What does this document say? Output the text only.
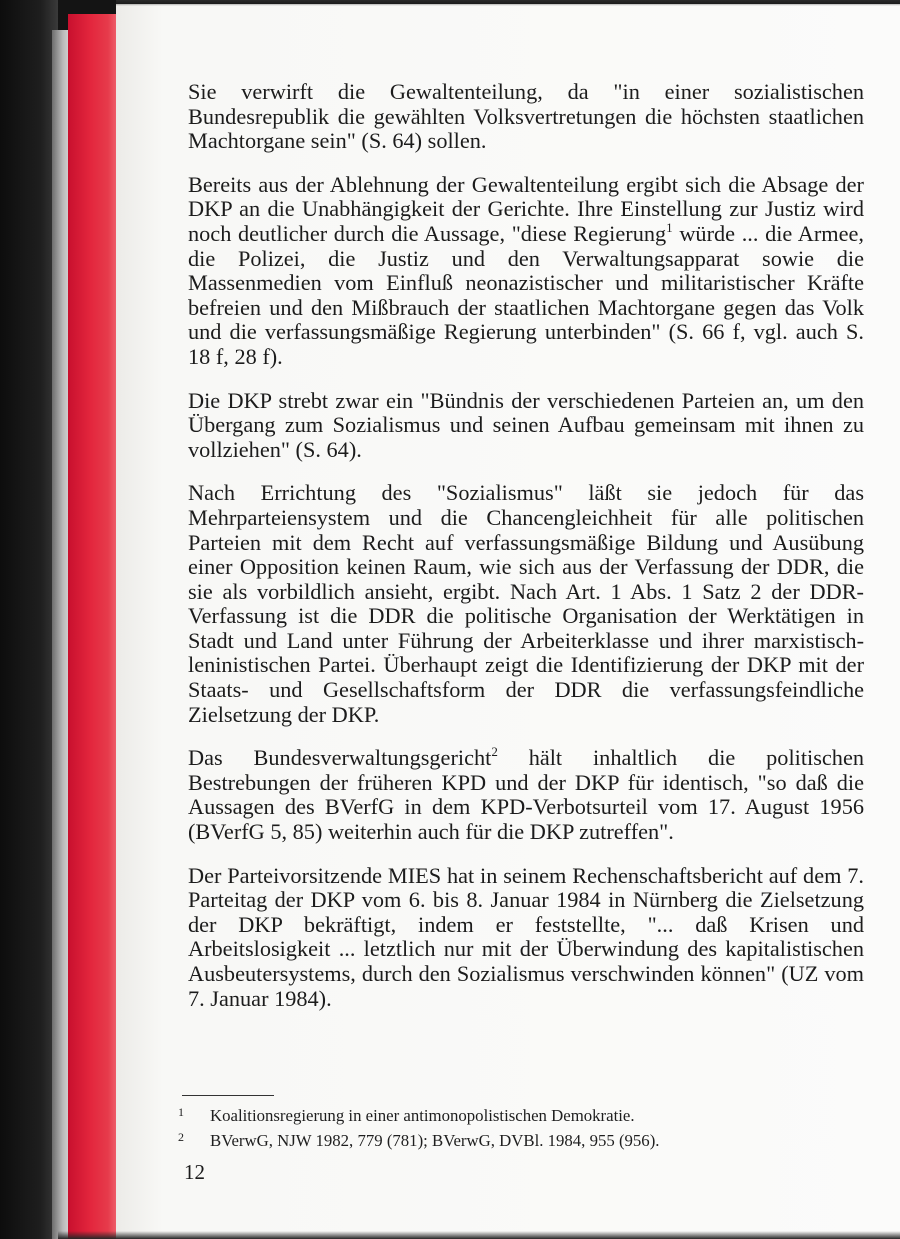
Sie verwirft die Gewaltenteilung, da "in einer sozialistischen Bundesrepublik die gewählten Volksvertretungen die höchsten staatlichen Machtorgane sein" (S. 64) sollen.

Bereits aus der Ablehnung der Gewaltenteilung ergibt sich die Absage der DKP an die Unabhängigkeit der Gerichte. Ihre Einstellung zur Justiz wird noch deutlicher durch die Aussage, "diese Regierung$^1$ würde ... die Armee, die Polizei, die Justiz und den Verwaltungsapparat sowie die Massenmedien vom Einfluß neonazistischer und militaristischer Kräfte befreien und den Mißbrauch der staatlichen Machtorgane gegen das Volk und die verfassungsmäßige Regierung unterbinden" (S. 66 f, vgl. auch S. 18 f, 28 f).

Die DKP strebt zwar ein "Bündnis der verschiedenen Parteien an, um den Übergang zum Sozialismus und seinen Aufbau gemeinsam mit ihnen zu vollziehen" (S. 64).

Nach Errichtung des "Sozialismus" läßt sie jedoch für das Mehrparteiensystem und die Chancengleichheit für alle politischen Parteien mit dem Recht auf verfassungsmäßige Bildung und Ausübung einer Opposition keinen Raum, wie sich aus der Verfassung der DDR, die sie als vorbildlich ansieht, ergibt. Nach Art. 1 Abs. 1 Satz 2 der DDR-Verfassung ist die DDR die politische Organisation der Werktätigen in Stadt und Land unter Führung der Arbeiterklasse und ihrer marxistisch-leninistischen Partei. Überhaupt zeigt die Identifizierung der DKP mit der Staats- und Gesellschaftsform der DDR die verfassungsfeindliche Zielsetzung der DKP.

Das Bundesverwaltungsgericht$^2$ hält inhaltlich die politischen Bestrebungen der früheren KPD und der DKP für identisch, "so daß die Aussagen des BVerfG in dem KPD-Verbotsurteil vom 17. August 1956 (BVerfG 5, 85) weiterhin auch für die DKP zutreffen".

Der Parteivorsitzende MIES hat in seinem Rechenschaftsbericht auf dem 7. Parteitag der DKP vom 6. bis 8. Januar 1984 in Nürnberg die Zielsetzung der DKP bekräftigt, indem er feststellte, "... daß Krisen und Arbeitslosigkeit ... letztlich nur mit der Überwindung des kapitalistischen Ausbeutersystems, durch den Sozialismus verschwinden können" (UZ vom 7. Januar 1984).

1	Koalitionsregierung in einer antimonopolistischen Demokratie.
2	BVerwG, NJW 1982, 779 (781); BVerwG, DVBl. 1984, 955 (956).
12
